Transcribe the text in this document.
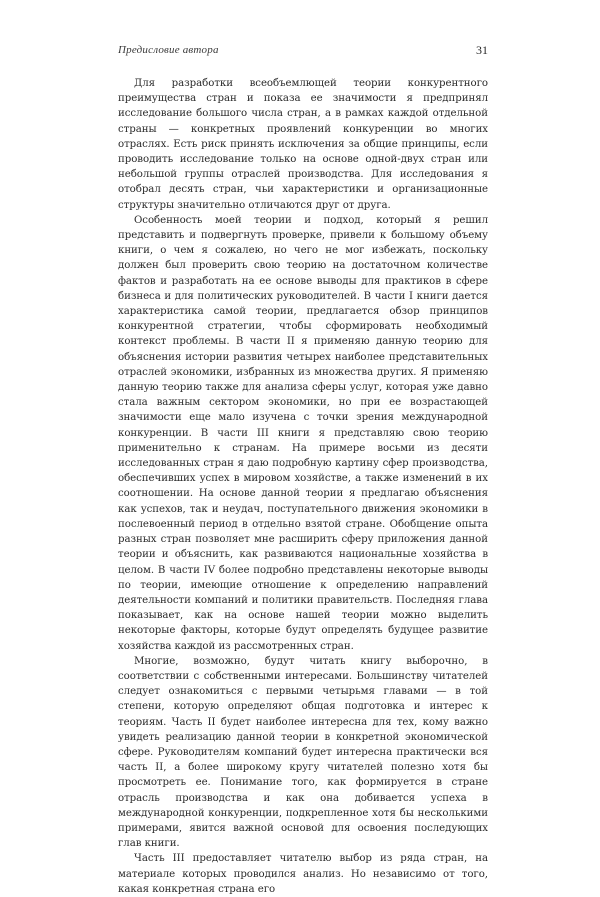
Предисловие автора	31

Для разработки всеобъемлющей теории конкурентного преимущества стран и показа ее значимости я предпринял исследование большого числа стран, а в рамках каждой отдельной страны — конкретных проявлений конкуренции во многих отраслях. Есть риск принять исключения за общие принципы, если проводить исследование только на основе одной-двух стран или небольшой группы отраслей производства. Для исследования я отобрал десять стран, чьи характеристики и организационные структуры значительно отличаются друг от друга.

Особенность моей теории и подход, который я решил представить и подвергнуть проверке, привели к большому объему книги, о чем я сожалею, но чего не мог избежать, поскольку должен был проверить свою теорию на достаточном количестве фактов и разработать на ее основе выводы для практиков в сфере бизнеса и для политических руководителей. В части I книги дается характеристика самой теории, предлагается обзор принципов конкурентной стратегии, чтобы сформировать необходимый контекст проблемы. В части II я применяю данную теорию для объяснения истории развития четырех наиболее представительных отраслей экономики, избранных из множества других. Я применяю данную теорию также для анализа сферы услуг, которая уже давно стала важным сектором экономики, но при ее возрастающей значимости еще мало изучена с точки зрения международной конкуренции. В части III книги я представляю свою теорию применительно к странам. На примере восьми из десяти исследованных стран я даю подробную картину сфер производства, обеспечивших успех в мировом хозяйстве, а также изменений в их соотношении. На основе данной теории я предлагаю объяснения как успехов, так и неудач, поступательного движения экономики в послевоенный период в отдельно взятой стране. Обобщение опыта разных стран позволяет мне расширить сферу приложения данной теории и объяснить, как развиваются национальные хозяйства в целом. В части IV более подробно представлены некоторые выводы по теории, имеющие отношение к определению направлений деятельности компаний и политики правительств. Последняя глава показывает, как на основе нашей теории можно выделить некоторые факторы, которые будут определять будущее развитие хозяйства каждой из рассмотренных стран.

Многие, возможно, будут читать книгу выборочно, в соответствии с собственными интересами. Большинству читателей следует ознакомиться с первыми четырьмя главами — в той степени, которую определяют общая подготовка и интерес к теориям. Часть II будет наиболее интересна для тех, кому важно увидеть реализацию данной теории в конкретной экономической сфере. Руководителям компаний будет интересна практически вся часть II, а более широкому кругу читателей полезно хотя бы просмотреть ее. Понимание того, как формируется в стране отрасль производства и как она добивается успеха в международной конкуренции, подкрепленное хотя бы несколькими примерами, явится важной основой для освоения последующих глав книги.

Часть III предоставляет читателю выбор из ряда стран, на материале которых проводился анализ. Но независимо от того, какая конкретная страна его
